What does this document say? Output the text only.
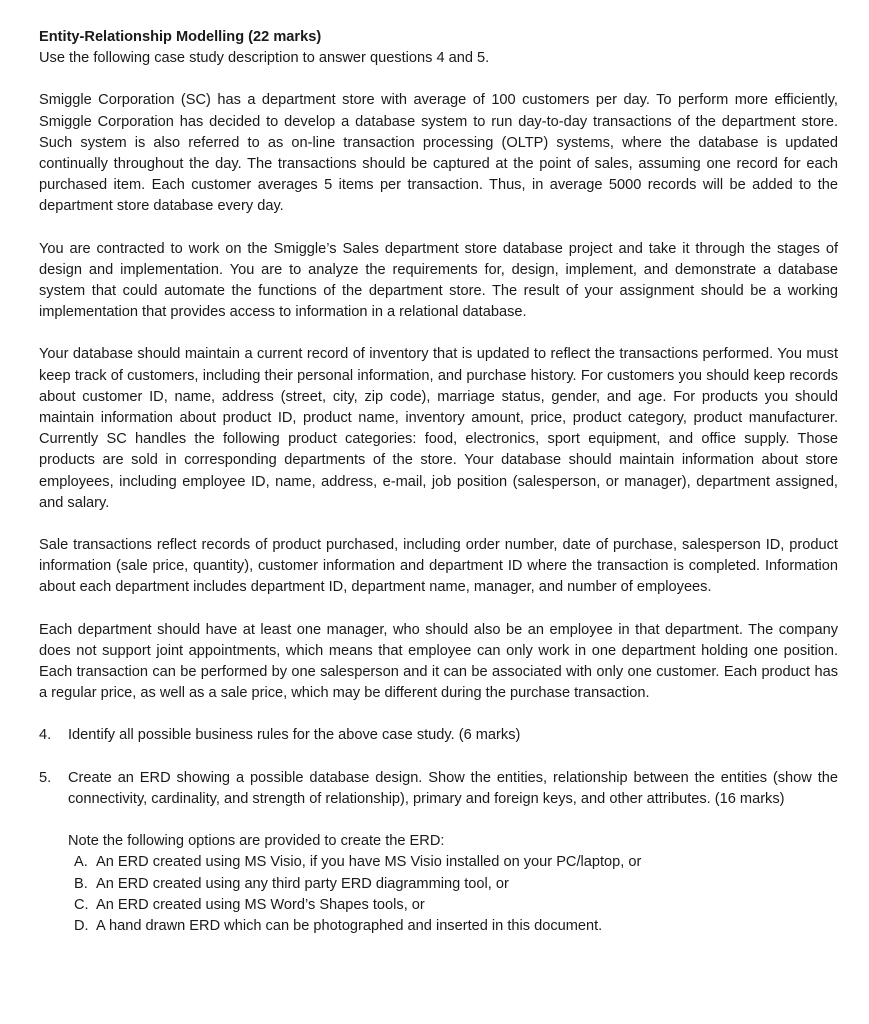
Entity-Relationship Modelling (22 marks)

Use the following case study description to answer questions 4 and 5.

Smiggle Corporation (SC) has a department store with average of 100 customers per day. To perform more efficiently, Smiggle Corporation has decided to develop a database system to run day-to-day transactions of the department store. Such system is also referred to as on-line transaction processing (OLTP) systems, where the database is updated continually throughout the day. The transactions should be captured at the point of sales, assuming one record for each purchased item. Each customer averages 5 items per transaction. Thus, in average 5000 records will be added to the department store database every day.

You are contracted to work on the Smiggle’s Sales department store database project and take it through the stages of design and implementation. You are to analyze the requirements for, design, implement, and demonstrate a database system that could automate the functions of the department store. The result of your assignment should be a working implementation that provides access to information in a relational database.

Your database should maintain a current record of inventory that is updated to reflect the transactions performed. You must keep track of customers, including their personal information, and purchase history. For customers you should keep records about customer ID, name, address (street, city, zip code), marriage status, gender, and age. For products you should maintain information about product ID, product name, inventory amount, price, product category, product manufacturer. Currently SC handles the following product categories: food, electronics, sport equipment, and office supply. Those products are sold in corresponding departments of the store. Your database should maintain information about store employees, including employee ID, name, address, e-mail, job position (salesperson, or manager), department assigned, and salary.

Sale transactions reflect records of product purchased, including order number, date of purchase, salesperson ID, product information (sale price, quantity), customer information and department ID where the transaction is completed. Information about each department includes department ID, department name, manager, and number of employees.

Each department should have at least one manager, who should also be an employee in that department. The company does not support joint appointments, which means that employee can only work in one department holding one position. Each transaction can be performed by one salesperson and it can be associated with only one customer. Each product has a regular price, as well as a sale price, which may be different during the purchase transaction.

4.	Identify all possible business rules for the above case study. (6 marks)
5.	Create an ERD showing a possible database design. Show the entities, relationship between the entities (show the connectivity, cardinality, and strength of relationship), primary and foreign keys, and other attributes. (16 marks)

Note the following options are provided to create the ERD:

A. An ERD created using MS Visio, if you have MS Visio installed on your PC/laptop, or
B. An ERD created using any third party ERD diagramming tool, or
C. An ERD created using MS Word’s Shapes tools, or
D. A hand drawn ERD which can be photographed and inserted in this document.
